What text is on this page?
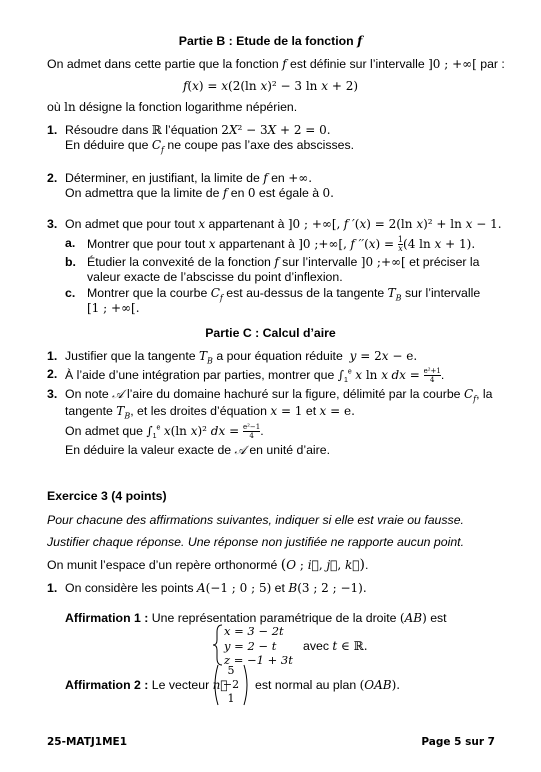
Partie B : Etude de la fonction f
On admet dans cette partie que la fonction f est définie sur l’intervalle ]0 ; +∞[ par :
f(x) = x(2(ln x)² − 3 ln x + 2)
où ln désigne la fonction logarithme népérien.
1. Résoudre dans ℝ l’équation 2X² − 3X + 2 = 0.
En déduire que $C_f$ ne coupe pas l’axe des abscisses.
2. Déterminer, en justifiant, la limite de f en +∞.
On admettra que la limite de f en 0 est égale à 0.
3. On admet que pour tout x appartenant à ]0 ; +∞[, f ′(x) = 2(ln x)² + ln x − 1.
a. Montrer que pour tout x appartenant à ]0 ;+∞[, f $''(x) = \frac{1}{x} (4$ ln x + 1).
b. Étudier la convexité de la fonction f sur l’intervalle ]0 ;+∞[ et préciser la
valeur exacte de l’abscisse du point d’inflexion.
c. Montrer que la courbe $C_f$ est au-dessus de la tangente $T_B$ sur l’intervalle
[1 ; +∞[.
Partie C : Calcul d’aire
1. Justifier que la tangente $T_B$ a pour équation réduite  y = 2x − e.
2. À l’aide d’une intégration par parties, montrer que $\int_1^e$ x ln x dx = $\frac{\text{e²+1}}{4}$ .
3. On note 𝒜 l’aire du domaine hachuré sur la figure, délimité par la courbe $C_f$, la
tangente $T_B$, et les droites d’équation x = 1 et x = e.
On admet que $\int_1^e$ x(ln x)² dx = $\frac{\text{e²−1}}{4}$ .
En déduire la valeur exacte de 𝒜 en unité d’aire.
Exercice 3 (4 points)
Pour chacune des affirmations suivantes, indiquer si elle est vraie ou fausse.
Justifier chaque réponse. Une réponse non justifiée ne rapporte aucun point.
On munit l’espace d’un repère orthonormé (O ; i⃗, j⃗, k⃗).
1. On considère les points A(−1 ; 0 ; 5) et B(3 ; 2 ; −1).
Affirmation 1 : Une représentation paramétrique de la droite (AB) est
x = 3 − 2t
y = 2 − t
z = −1 + 3t
avec t ∈ ℝ.
Affirmation 2 : Le vecteur n⃗
5
−2
1
est normal au plan (OAB).
25-MATJ1ME1	Page 5 sur 7
